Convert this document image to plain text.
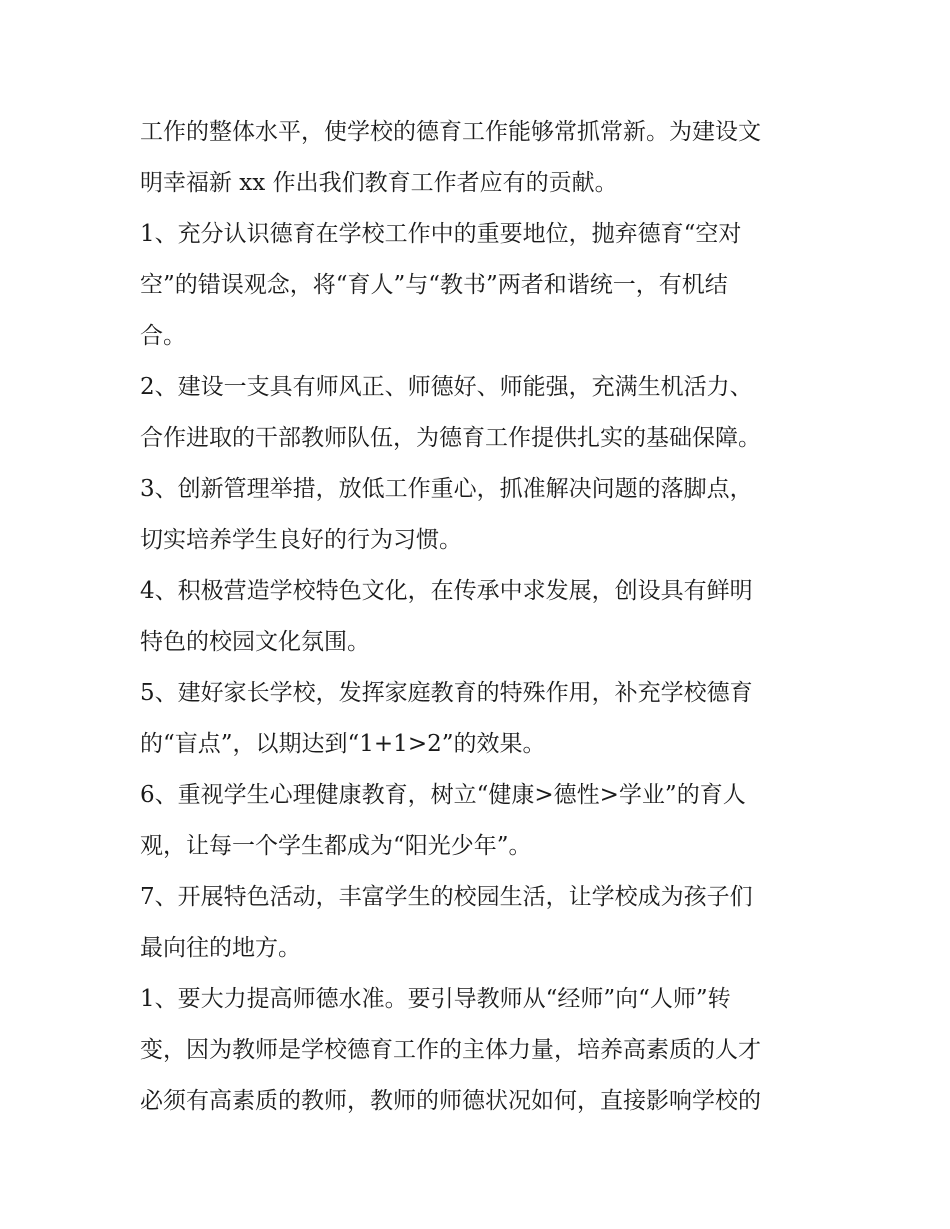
工作的整体水平，使学校的德育工作能够常抓常新。为建设文
明幸福新 xx 作出我们教育工作者应有的贡献。
1、充分认识德育在学校工作中的重要地位，抛弃德育“空对
空”的错误观念，将“育人”与“教书”两者和谐统一，有机结
合。
2、建设一支具有师风正、师德好、师能强，充满生机活力、
合作进取的干部教师队伍，为德育工作提供扎实的基础保障。
3、创新管理举措，放低工作重心，抓准解决问题的落脚点，
切实培养学生良好的行为习惯。
4、积极营造学校特色文化，在传承中求发展，创设具有鲜明
特色的校园文化氛围。
5、建好家长学校，发挥家庭教育的特殊作用，补充学校德育
的“盲点”，以期达到“1+1>2”的效果。
6、重视学生心理健康教育，树立“健康>德性>学业”的育人
观，让每一个学生都成为“阳光少年”。
7、开展特色活动，丰富学生的校园生活，让学校成为孩子们
最向往的地方。
1、要大力提高师德水准。要引导教师从“经师”向“人师”转
变，因为教师是学校德育工作的主体力量，培养高素质的人才
必须有高素质的教师，教师的师德状况如何，直接影响学校的
